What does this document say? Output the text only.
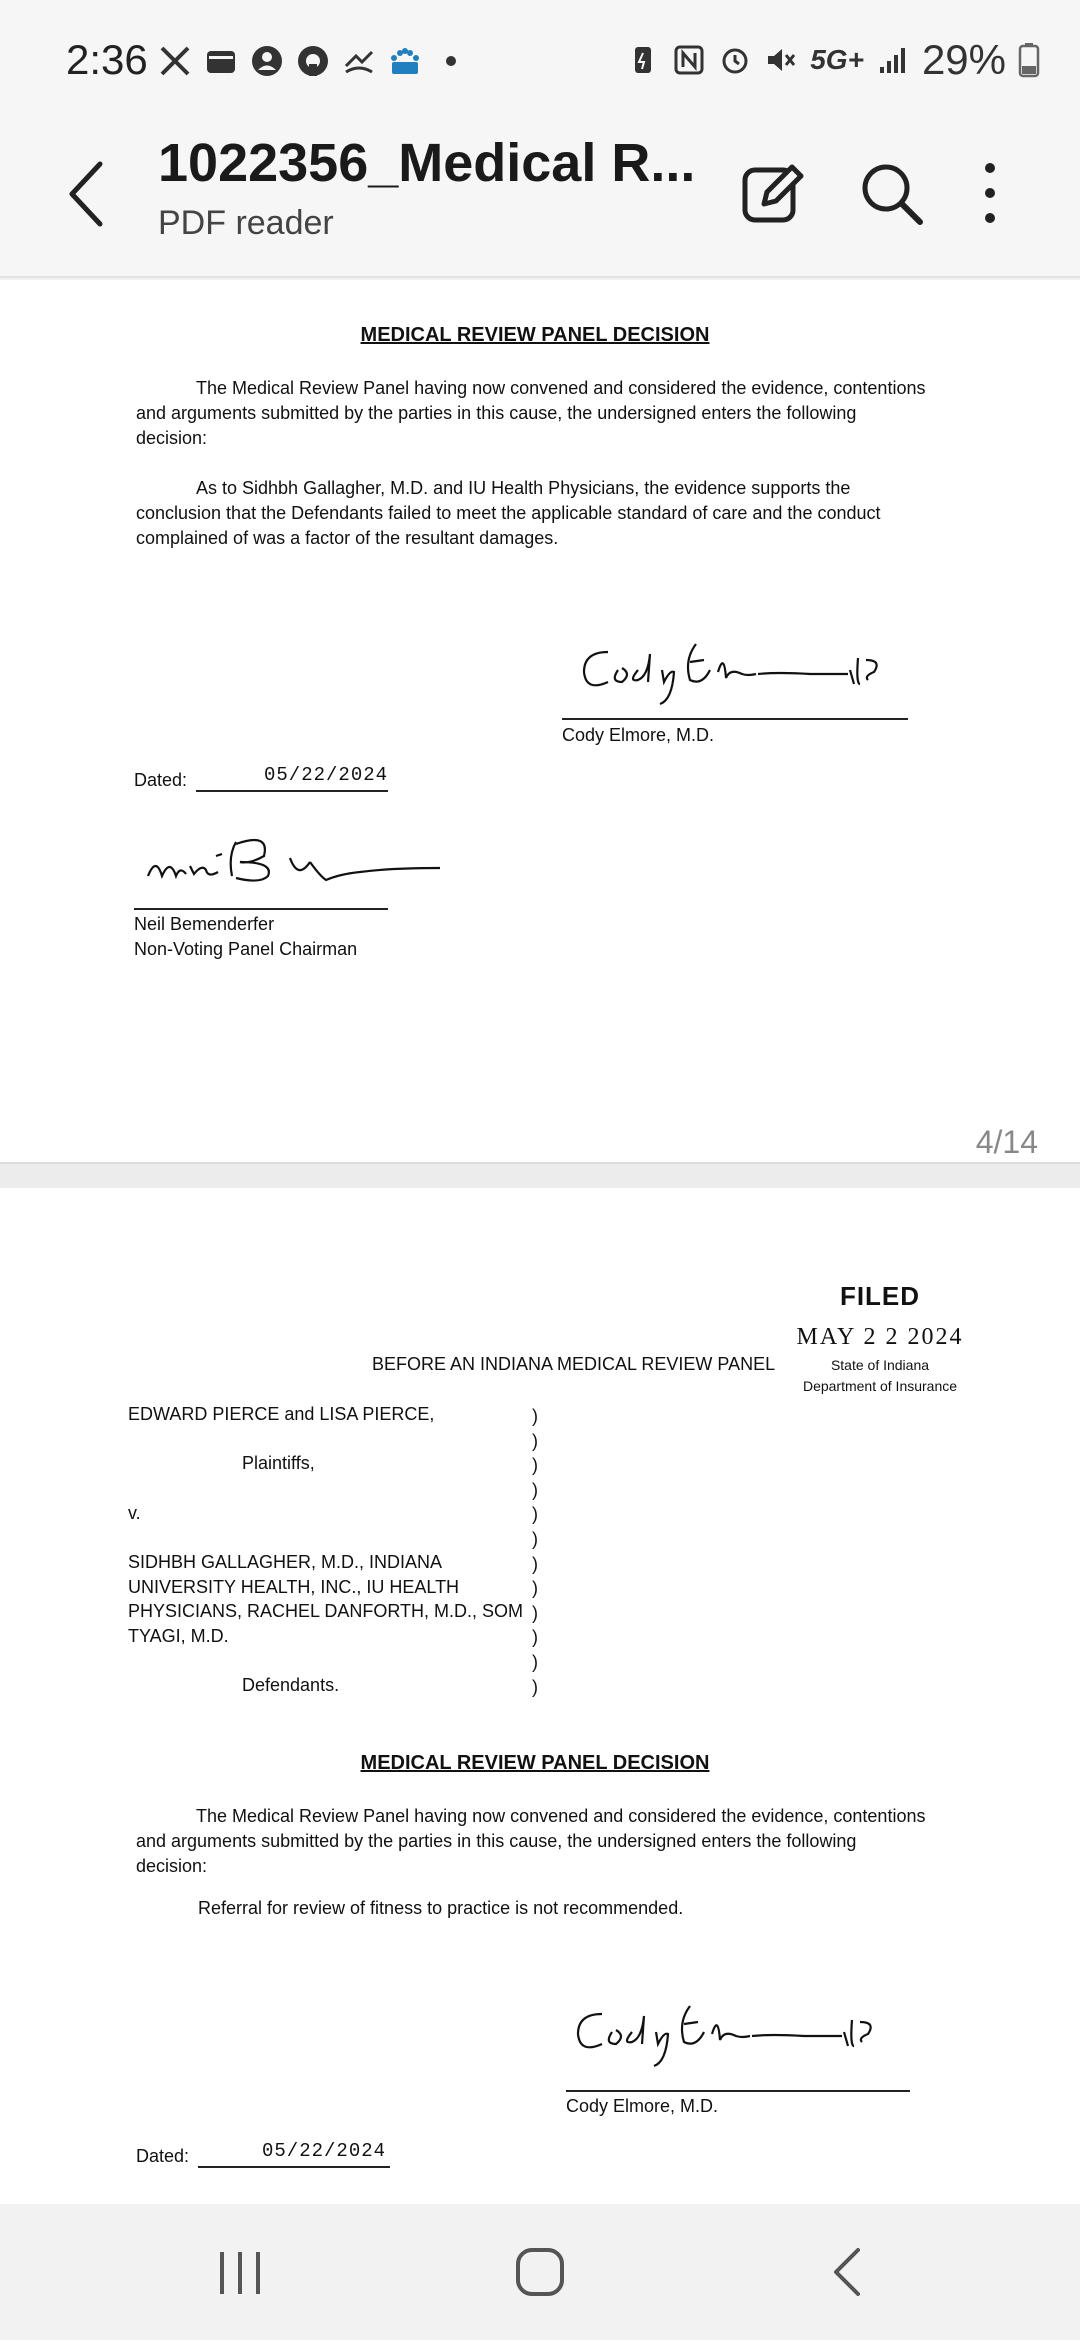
2:36	5G+ 29%
1022356_Medical R...
PDF reader
MEDICAL REVIEW PANEL DECISION
The Medical Review Panel having now convened and considered the evidence, contentions and arguments submitted by the parties in this cause, the undersigned enters the following decision:
As to Sidhbh Gallagher, M.D. and IU Health Physicians, the evidence supports the conclusion that the Defendants failed to meet the applicable standard of care and the conduct complained of was a factor of the resultant damages.
Cody Elmore, M.D.
Dated:	05/22/2024
Neil Bemenderfer
Non-Voting Panel Chairman
4/14
FILED
MAY 2 2 2024
State of Indiana
Department of Insurance
BEFORE AN INDIANA MEDICAL REVIEW PANEL
EDWARD PIERCE and LISA PIERCE,
Plaintiffs,
v.
SIDHBH GALLAGHER, M.D., INDIANA
UNIVERSITY HEALTH, INC., IU HEALTH
PHYSICIANS, RACHEL DANFORTH, M.D., SOM
TYAGI, M.D.
Defendants.
)
)
)
)
)
)
)
)
)
)
)
)
MEDICAL REVIEW PANEL DECISION
The Medical Review Panel having now convened and considered the evidence, contentions and arguments submitted by the parties in this cause, the undersigned enters the following decision:
Referral for review of fitness to practice is not recommended.
Cody Elmore, M.D.
Dated:	05/22/2024
